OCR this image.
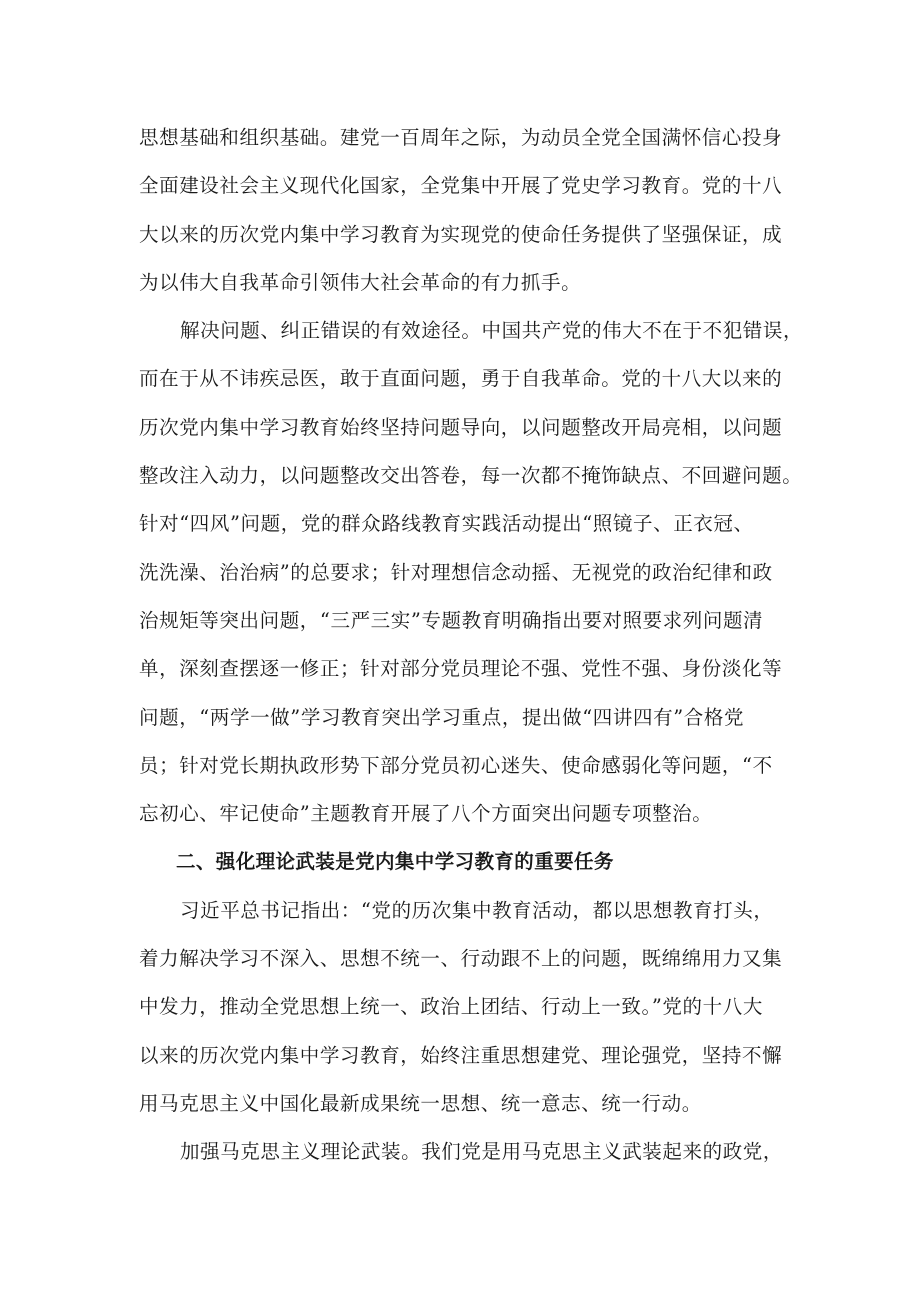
思想基础和组织基础。建党一百周年之际，为动员全党全国满怀信心投身
全面建设社会主义现代化国家，全党集中开展了党史学习教育。党的十八
大以来的历次党内集中学习教育为实现党的使命任务提供了坚强保证，成
为以伟大自我革命引领伟大社会革命的有力抓手。
解决问题、纠正错误的有效途径。中国共产党的伟大不在于不犯错误，
而在于从不讳疾忌医，敢于直面问题，勇于自我革命。党的十八大以来的
历次党内集中学习教育始终坚持问题导向，以问题整改开局亮相，以问题
整改注入动力，以问题整改交出答卷，每一次都不掩饰缺点、不回避问题。
针对“四风”问题，党的群众路线教育实践活动提出“照镜子、正衣冠、
洗洗澡、治治病”的总要求；针对理想信念动摇、无视党的政治纪律和政
治规矩等突出问题，“三严三实”专题教育明确指出要对照要求列问题清
单，深刻查摆逐一修正；针对部分党员理论不强、党性不强、身份淡化等
问题，“两学一做”学习教育突出学习重点，提出做“四讲四有”合格党
员；针对党长期执政形势下部分党员初心迷失、使命感弱化等问题，“不
忘初心、牢记使命”主题教育开展了八个方面突出问题专项整治。
二、强化理论武装是党内集中学习教育的重要任务
习近平总书记指出：“党的历次集中教育活动，都以思想教育打头，
着力解决学习不深入、思想不统一、行动跟不上的问题，既绵绵用力又集
中发力，推动全党思想上统一、政治上团结、行动上一致。”党的十八大
以来的历次党内集中学习教育，始终注重思想建党、理论强党，坚持不懈
用马克思主义中国化最新成果统一思想、统一意志、统一行动。
加强马克思主义理论武装。我们党是用马克思主义武装起来的政党，
